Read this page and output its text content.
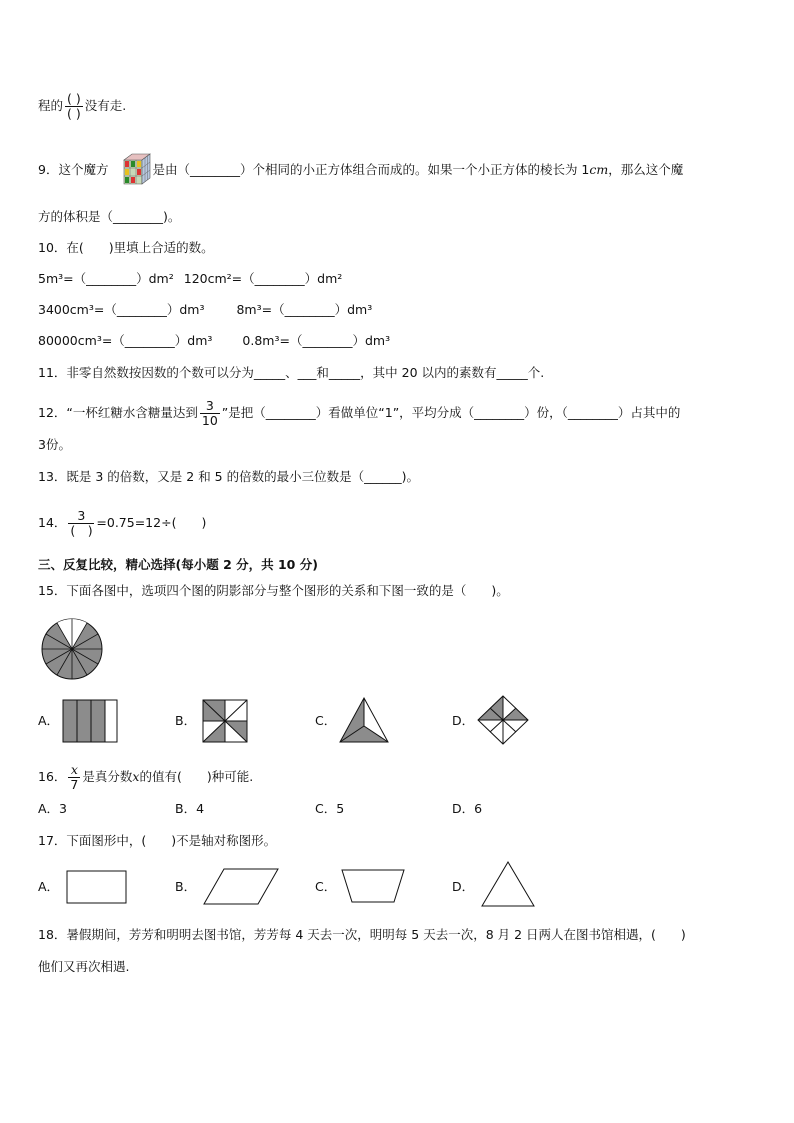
程的 $\frac{( )}{( )}$ 没有走.
9．这个魔方	是由（________）个相同的小正方体组合而成的。如果一个小正方体的棱长为 1cm，那么这个魔
方的体积是（________)。
10．在(　　)里填上合适的数。
5m³=（________）dm² 120cm²=（________）dm²
3400cm³=（________）dm³	8m³=（________）dm³
80000cm³=（________）dm³ 0.8m³=（________）dm³
11．非零自然数按因数的个数可以分为_____、___和_____，其中 20 以内的素数有_____个.
12．“一杯红糖水含糖量达到 $\frac{3}{10}$ ”是把（________）看做单位“1”，平均分成（________）份，（________）占其中的
3份。
13．既是 3 的倍数，又是 2 和 5 的倍数的最小三位数是（______)。
14． $\frac{3}{( )} =0.75=12\div$(　　)
三、反复比较，精心选择(每小题 2 分，共 10 分)
15．下面各图中，选项四个图的阴影部分与整个图形的关系和下图一致的是（　　)。
A．	B．	C．	D．
16． $\frac{x}{7}$ 是真分数x的值有(　　)种可能.
A．3	B．4	C．5	D．6
17．下面图形中，(　　)不是轴对称图形。
A．	B．	C．	D．
18．暑假期间，芳芳和明明去图书馆，芳芳每 4 天去一次，明明每 5 天去一次，8 月 2 日两人在图书馆相遇，(　　)
他们又再次相遇.
